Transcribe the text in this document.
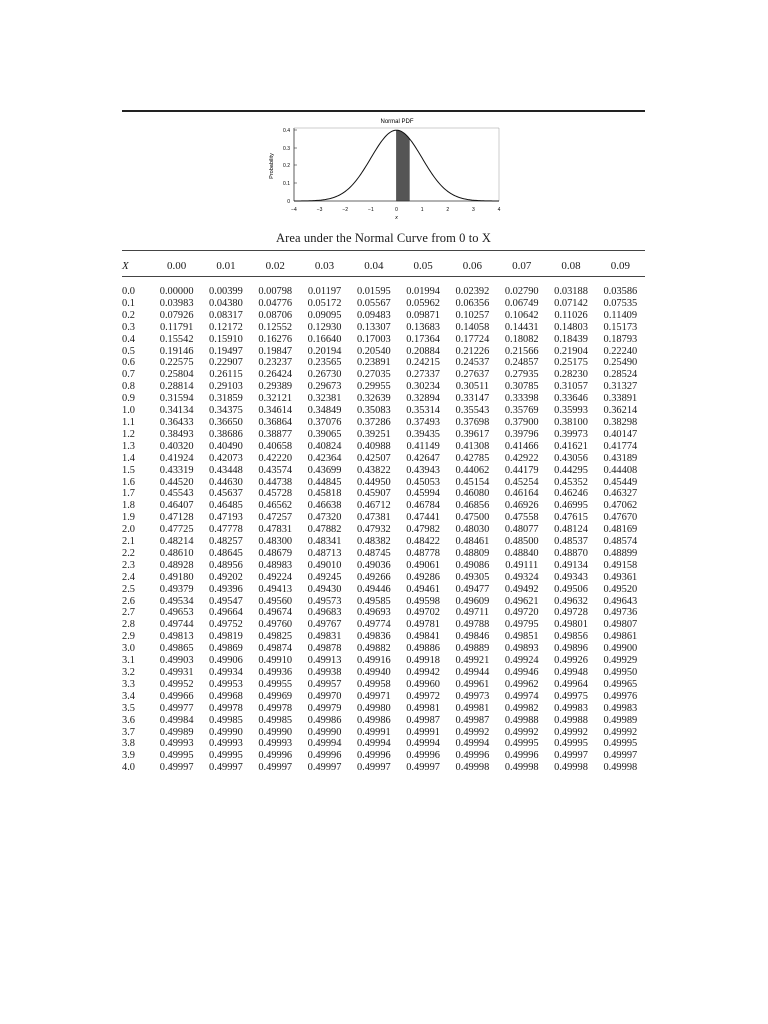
Normal PDF
Probability
0.4
0.3
0.2
0.1
0
−4	−3	−2	−1	0	1	2	3	4
x
Area under the Normal Curve from 0 to X
X	0.00	0.01	0.02	0.03	0.04	0.05	0.06	0.07	0.08	0.09
0.0	0.00000	0.00399	0.00798	0.01197	0.01595	0.01994	0.02392	0.02790	0.03188	0.03586
0.1	0.03983	0.04380	0.04776	0.05172	0.05567	0.05962	0.06356	0.06749	0.07142	0.07535
0.2	0.07926	0.08317	0.08706	0.09095	0.09483	0.09871	0.10257	0.10642	0.11026	0.11409
0.3	0.11791	0.12172	0.12552	0.12930	0.13307	0.13683	0.14058	0.14431	0.14803	0.15173
0.4	0.15542	0.15910	0.16276	0.16640	0.17003	0.17364	0.17724	0.18082	0.18439	0.18793
0.5	0.19146	0.19497	0.19847	0.20194	0.20540	0.20884	0.21226	0.21566	0.21904	0.22240
0.6	0.22575	0.22907	0.23237	0.23565	0.23891	0.24215	0.24537	0.24857	0.25175	0.25490
0.7	0.25804	0.26115	0.26424	0.26730	0.27035	0.27337	0.27637	0.27935	0.28230	0.28524
0.8	0.28814	0.29103	0.29389	0.29673	0.29955	0.30234	0.30511	0.30785	0.31057	0.31327
0.9	0.31594	0.31859	0.32121	0.32381	0.32639	0.32894	0.33147	0.33398	0.33646	0.33891
1.0	0.34134	0.34375	0.34614	0.34849	0.35083	0.35314	0.35543	0.35769	0.35993	0.36214
1.1	0.36433	0.36650	0.36864	0.37076	0.37286	0.37493	0.37698	0.37900	0.38100	0.38298
1.2	0.38493	0.38686	0.38877	0.39065	0.39251	0.39435	0.39617	0.39796	0.39973	0.40147
1.3	0.40320	0.40490	0.40658	0.40824	0.40988	0.41149	0.41308	0.41466	0.41621	0.41774
1.4	0.41924	0.42073	0.42220	0.42364	0.42507	0.42647	0.42785	0.42922	0.43056	0.43189
1.5	0.43319	0.43448	0.43574	0.43699	0.43822	0.43943	0.44062	0.44179	0.44295	0.44408
1.6	0.44520	0.44630	0.44738	0.44845	0.44950	0.45053	0.45154	0.45254	0.45352	0.45449
1.7	0.45543	0.45637	0.45728	0.45818	0.45907	0.45994	0.46080	0.46164	0.46246	0.46327
1.8	0.46407	0.46485	0.46562	0.46638	0.46712	0.46784	0.46856	0.46926	0.46995	0.47062
1.9	0.47128	0.47193	0.47257	0.47320	0.47381	0.47441	0.47500	0.47558	0.47615	0.47670
2.0	0.47725	0.47778	0.47831	0.47882	0.47932	0.47982	0.48030	0.48077	0.48124	0.48169
2.1	0.48214	0.48257	0.48300	0.48341	0.48382	0.48422	0.48461	0.48500	0.48537	0.48574
2.2	0.48610	0.48645	0.48679	0.48713	0.48745	0.48778	0.48809	0.48840	0.48870	0.48899
2.3	0.48928	0.48956	0.48983	0.49010	0.49036	0.49061	0.49086	0.49111	0.49134	0.49158
2.4	0.49180	0.49202	0.49224	0.49245	0.49266	0.49286	0.49305	0.49324	0.49343	0.49361
2.5	0.49379	0.49396	0.49413	0.49430	0.49446	0.49461	0.49477	0.49492	0.49506	0.49520
2.6	0.49534	0.49547	0.49560	0.49573	0.49585	0.49598	0.49609	0.49621	0.49632	0.49643
2.7	0.49653	0.49664	0.49674	0.49683	0.49693	0.49702	0.49711	0.49720	0.49728	0.49736
2.8	0.49744	0.49752	0.49760	0.49767	0.49774	0.49781	0.49788	0.49795	0.49801	0.49807
2.9	0.49813	0.49819	0.49825	0.49831	0.49836	0.49841	0.49846	0.49851	0.49856	0.49861
3.0	0.49865	0.49869	0.49874	0.49878	0.49882	0.49886	0.49889	0.49893	0.49896	0.49900
3.1	0.49903	0.49906	0.49910	0.49913	0.49916	0.49918	0.49921	0.49924	0.49926	0.49929
3.2	0.49931	0.49934	0.49936	0.49938	0.49940	0.49942	0.49944	0.49946	0.49948	0.49950
3.3	0.49952	0.49953	0.49955	0.49957	0.49958	0.49960	0.49961	0.49962	0.49964	0.49965
3.4	0.49966	0.49968	0.49969	0.49970	0.49971	0.49972	0.49973	0.49974	0.49975	0.49976
3.5	0.49977	0.49978	0.49978	0.49979	0.49980	0.49981	0.49981	0.49982	0.49983	0.49983
3.6	0.49984	0.49985	0.49985	0.49986	0.49986	0.49987	0.49987	0.49988	0.49988	0.49989
3.7	0.49989	0.49990	0.49990	0.49990	0.49991	0.49991	0.49992	0.49992	0.49992	0.49992
3.8	0.49993	0.49993	0.49993	0.49994	0.49994	0.49994	0.49994	0.49995	0.49995	0.49995
3.9	0.49995	0.49995	0.49996	0.49996	0.49996	0.49996	0.49996	0.49996	0.49997	0.49997
4.0	0.49997	0.49997	0.49997	0.49997	0.49997	0.49997	0.49998	0.49998	0.49998	0.49998
